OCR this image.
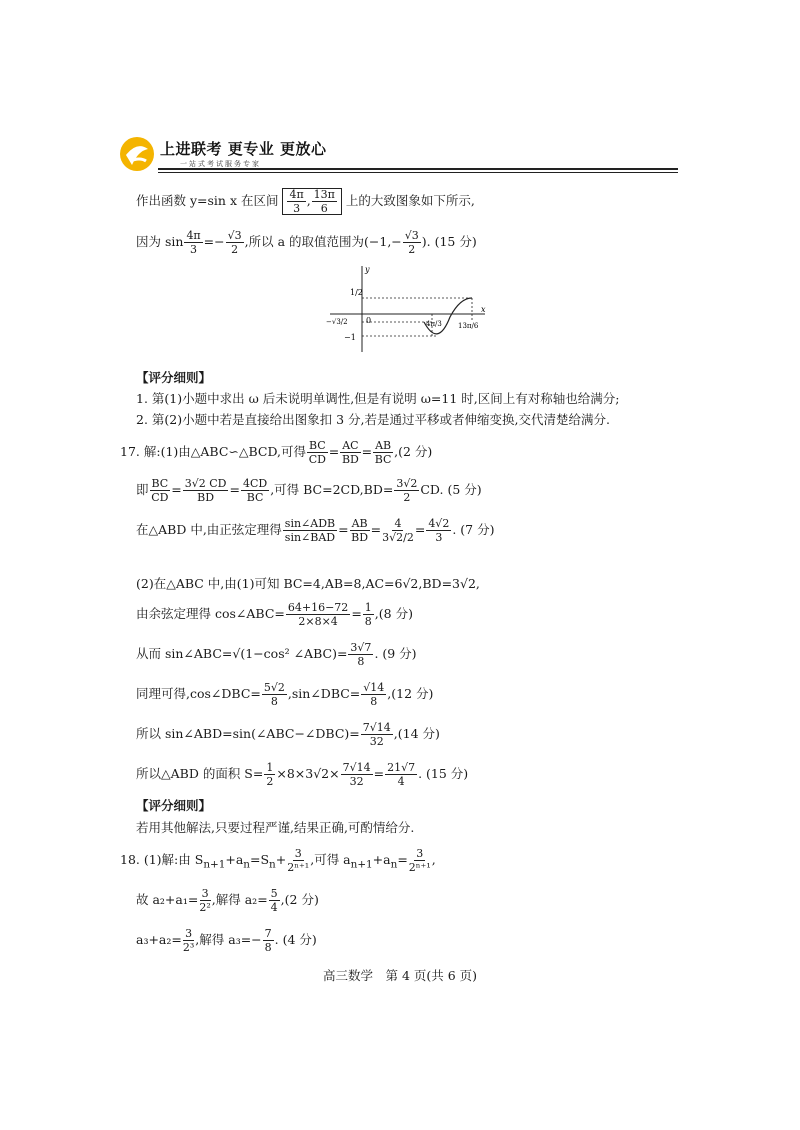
上进联考 更专业 更放心
一站式考试服务专家
作出函数 y=sin x 在区间 $\frac{4\pi}{3}$ , $\frac{13\pi}{6}$ 上的大致图象如下所示,
因为 $\sin \frac{4\pi}{3} =- \frac{√3}{2}$ ,所以 a 的取值范围为($-1,- \frac{√3}{2}$ ). (15 分)
1/2
0
−√3/2
−1
4π/3 13π/6
x
y
【评分细则】
1. 第(1)小题中求出 ω 后未说明单调性,但是有说明 ω=11 时,区间上有对称轴也给满分;
2. 第(2)小题中若是直接给出图象扣 3 分,若是通过平移或者伸缩变换,交代清楚给满分.
17. 解:(1)由△ABC∽△BCD,可得 $\frac{BC}{CD} = \frac{AC}{BD} = \frac{AB}{BC} ,(2$ 分)
即 $\frac{BC}{CD} = \frac{3√2 CD}{BD} = \frac{4CD}{BC}$ ,可得 $BC=2CD,BD= \frac{3√2}{2}$ CD. (5 分)
在△ABD 中,由正弦定理得 $\frac{\text{sin∠ADB}}{\text{sin∠BAD}} = \frac{AB}{BD} = \frac{4}{3√2/2} = \frac{4√2}{3}$ . (7 分)
(2)在△ABC 中,由(1)可知 BC=4,AB=8,AC=6√2,BD=3√2,
由余弦定理得 cos∠ABC= $\frac{64+16-72}{2\times 8\times 4} = \frac{1}{8} ,(8$ 分)
从而 sin∠ABC=√(1−cos² ∠ABC)= $\frac{3√7}{8}$ . (9 分)
同理可得,cos∠DBC= $\frac{5√2}{8}$ ,sin∠DBC= $\frac{√14}{8} ,(12$ 分)
所以 sin∠ABD=sin(∠ABC−∠DBC)= $\frac{7√14}{32} ,(14$ 分)
所以△ABD 的面积 $S= \frac{1}{2} \times 8\times 3√2\times \frac{7√14}{32} = \frac{21√7}{4}$ . (15 分)
【评分细则】
若用其他解法,只要过程严谨,结果正确,可酌情给分.
18. (1)解:由 $S_{n+1}+a_n=S_n+ \frac{3}{\text{2ⁿ⁺¹}}$ ,可得 $a_{n+1}+a_n= \frac{3}{\text{2ⁿ⁺¹}}$ ,
故 $a_2+a_1= \frac{3}{\text{2²}}$ ,解得 $a_2= \frac{5}{4} ,(2$ 分)
$a_3+a_2= \frac{3}{\text{2³}}$ ,解得 $a_3=- \frac{7}{8}$ . (4 分)
高三数学　第 4 页(共 6 页)
